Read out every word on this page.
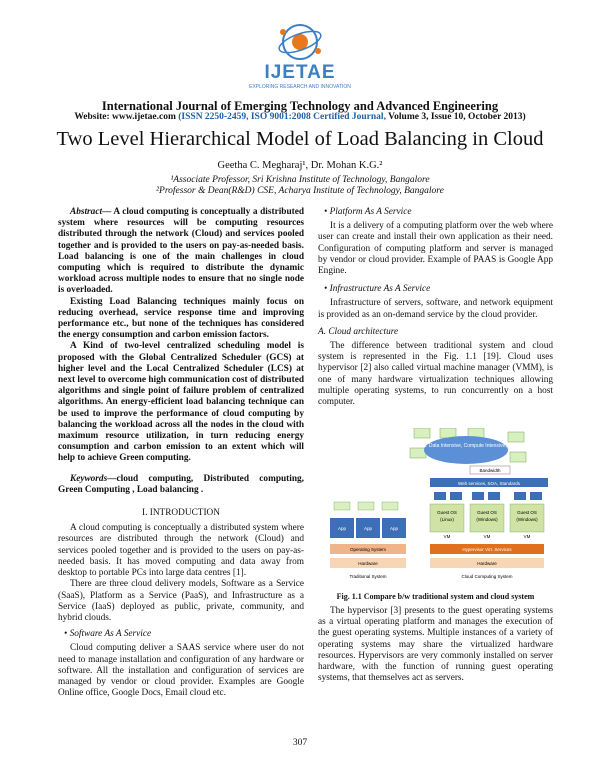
IJETAE
EXPLORING RESEARCH AND INNOVATION
International Journal of Emerging Technology and Advanced Engineering
Website: www.ijetae.com (ISSN 2250-2459, ISO 9001:2008 Certified Journal, Volume 3, Issue 10, October 2013)
Two Level Hierarchical Model of Load Balancing in Cloud
Geetha C. Megharaj¹, Dr. Mohan K.G.²
¹Associate Professor, Sri Krishna Institute of Technology, Bangalore
²Professor & Dean(R&D) CSE, Acharya Institute of Technology, Bangalore

Abstract— A cloud computing is conceptually a distributed system where resources will be computing resources distributed through the network (Cloud) and services pooled together and is provided to the users on pay-as-needed basis. Load balancing is one of the main challenges in cloud computing which is required to distribute the dynamic workload across multiple nodes to ensure that no single node is overloaded.

Existing Load Balancing techniques mainly focus on reducing overhead, service response time and improving performance etc., but none of the techniques has considered the energy consumption and carbon emission factors.

A Kind of two-level centralized scheduling model is proposed with the Global Centralized Scheduler (GCS) at higher level and the Local Centralized Scheduler (LCS) at next level to overcome high communication cost of distributed algorithms and single point of failure problem of centralized algorithms. An energy-efficient load balancing technique can be used to improve the performance of cloud computing by balancing the workload across all the nodes in the cloud with maximum resource utilization, in turn reducing energy consumption and carbon emission to an extent which will help to achieve Green computing.

Keywords—cloud computing, Distributed computing, Green Computing , Load balancing .

I. INTRODUCTION

A cloud computing is conceptually a distributed system where resources are distributed through the network (Cloud) and services pooled together and is provided to the users on pay-as-needed basis. It has moved computing and data away from desktop to portable PCs into large data centres [1].

There are three cloud delivery models, Software as a Service (SaaS), Platform as a Service (PaaS), and Infrastructure as a Service (IaaS) deployed as public, private, community, and hybrid clouds.

• Software As A Service

Cloud computing deliver a SAAS service where user do not need to manage installation and configuration of any hardware or software. All the installation and configuration of services are managed by vendor or cloud provider. Examples are Google Online office, Google Docs, Email cloud etc.

• Platform As A Service

It is a delivery of a computing platform over the web where user can create and install their own application as their need. Configuration of computing platform and server is managed by vendor or cloud provider. Example of PAAS is Google App Engine.

• Infrastructure As A Service

Infrastructure of servers, software, and network equipment is provided as an on-demand service by the cloud provider.

A. Cloud architecture

The difference between traditional system and cloud system is represented in the Fig. 1.1 [19]. Cloud uses hypervisor [2] also called virtual machine manager (VMM), is one of many hardware virtualization techniques allowing multiple operating systems, to run concurrently on a host computer.

Cloud Applications: Data Intensive, Compute Intensive, Storage Intensive
Bandwidth
Web services, SOA, Standards
App	App	App
Operating System
Hardware
Traditional System
Guest OS
(Linux)
Guest OS
(Windows)
Guest OS
(Windows)
VM	VM	VM
Hypervisor Virt. Services
Hardware
Cloud Computing System
Fig. 1.1 Compare b/w traditional system and cloud system

The hypervisor [3] presents to the guest operating systems as a virtual operating platform and manages the execution of the guest operating systems. Multiple instances of a variety of operating systems may share the virtualized hardware resources. Hypervisors are very commonly installed on server hardware, with the function of running guest operating systems, that themselves act as servers.

307
